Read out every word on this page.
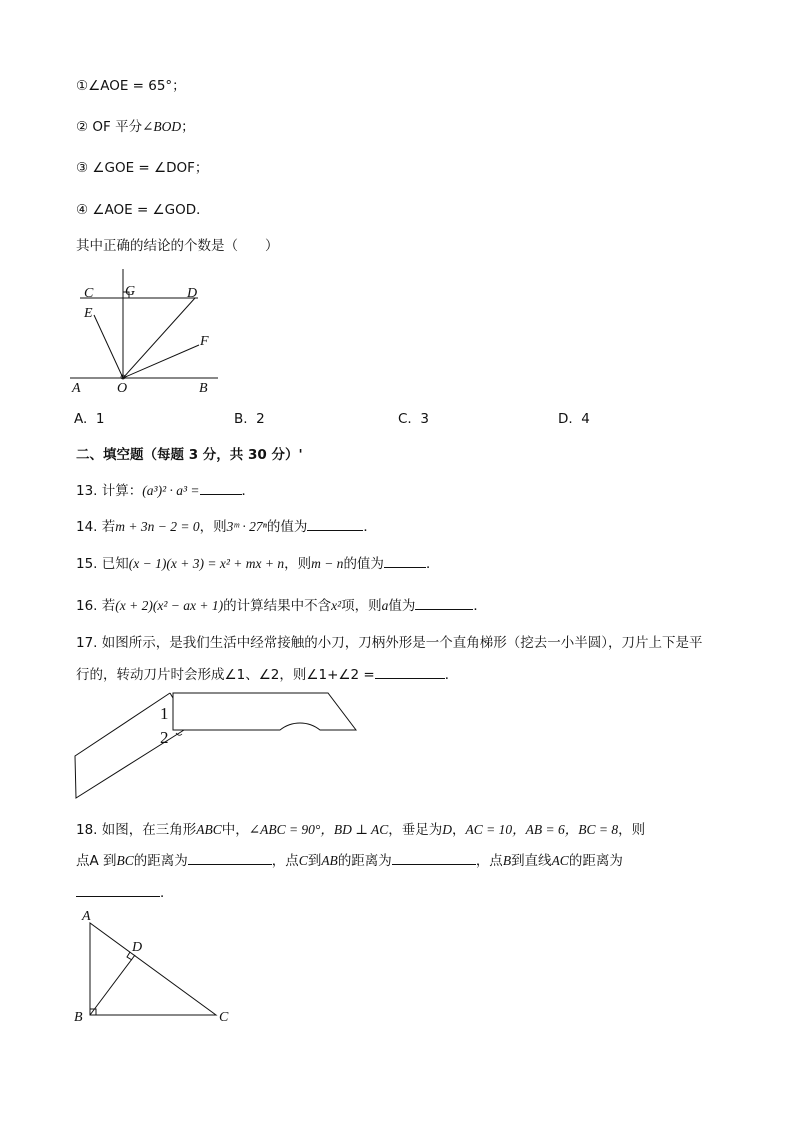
①∠AOE = 65°；
② OF 平分∠BOD；
③ ∠GOE = ∠DOF；
④ ∠AOE = ∠GOD．
其中正确的结论的个数是（　　）
C G	D
E
F
A	O	B
A. 1	B. 2	C. 3	D. 4
二、填空题（每题 3 分，共 30 分）'
13. 计算：(a³)² · a³ =	．
14. 若m + 3n − 2 = 0，则3ᵐ · 27ⁿ的值为	．
15. 已知(x − 1)(x + 3) = x² + mx + n，则m − n的值为	．
16. 若(x + 2)(x² − ax + 1)的计算结果中不含x²项，则a值为	．
17. 如图所示，是我们生活中经常接触的小刀，刀柄外形是一个直角梯形（挖去一小半圆），刀片上下是平
行的，转动刀片时会形成∠1、∠2，则∠1+∠2 =	．
1
2
18. 如图，在三角形ABC中，∠ABC = 90°，BD ⊥ AC，垂足为D，AC = 10，AB = 6，BC = 8，则
点A 到BC的距离为	，点C到AB的距离为	，点B到直线AC的距离为
．
A
D
B	C
